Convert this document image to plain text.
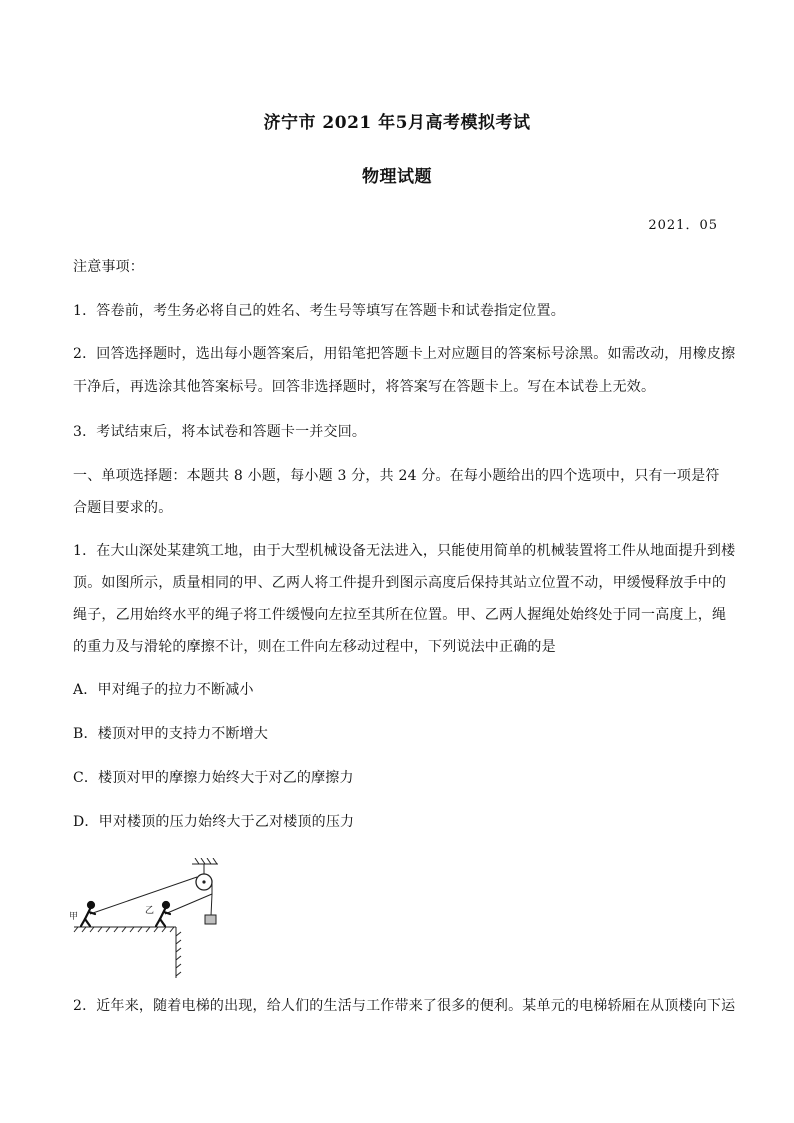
济宁市 2021 年5月高考模拟考试
物理试题
2021．05
注意事项：
1．答卷前，考生务必将自己的姓名、考生号等填写在答题卡和试卷指定位置。
2．回答选择题时，选出每小题答案后，用铅笔把答题卡上对应题目的答案标号涂黑。如需改动，用橡皮擦
干净后，再选涂其他答案标号。回答非选择题时，将答案写在答题卡上。写在本试卷上无效。
3．考试结束后，将本试卷和答题卡一并交回。
一、单项选择题：本题共 8 小题，每小题 3 分，共 24 分。在每小题给出的四个选项中，只有一项是符
合题目要求的。
1．在大山深处某建筑工地，由于大型机械设备无法进入，只能使用简单的机械装置将工件从地面提升到楼
顶。如图所示，质量相同的甲、乙两人将工件提升到图示高度后保持其站立位置不动，甲缓慢释放手中的
绳子，乙用始终水平的绳子将工件缓慢向左拉至其所在位置。甲、乙两人握绳处始终处于同一高度上，绳
的重力及与滑轮的摩擦不计，则在工件向左移动过程中，下列说法中正确的是
A．甲对绳子的拉力不断减小
B．楼顶对甲的支持力不断增大
C．楼顶对甲的摩擦力始终大于对乙的摩擦力
D．甲对楼顶的压力始终大于乙对楼顶的压力
甲
乙
2．近年来，随着电梯的出现，给人们的生活与工作带来了很多的便利。某单元的电梯轿厢在从顶楼向下运
